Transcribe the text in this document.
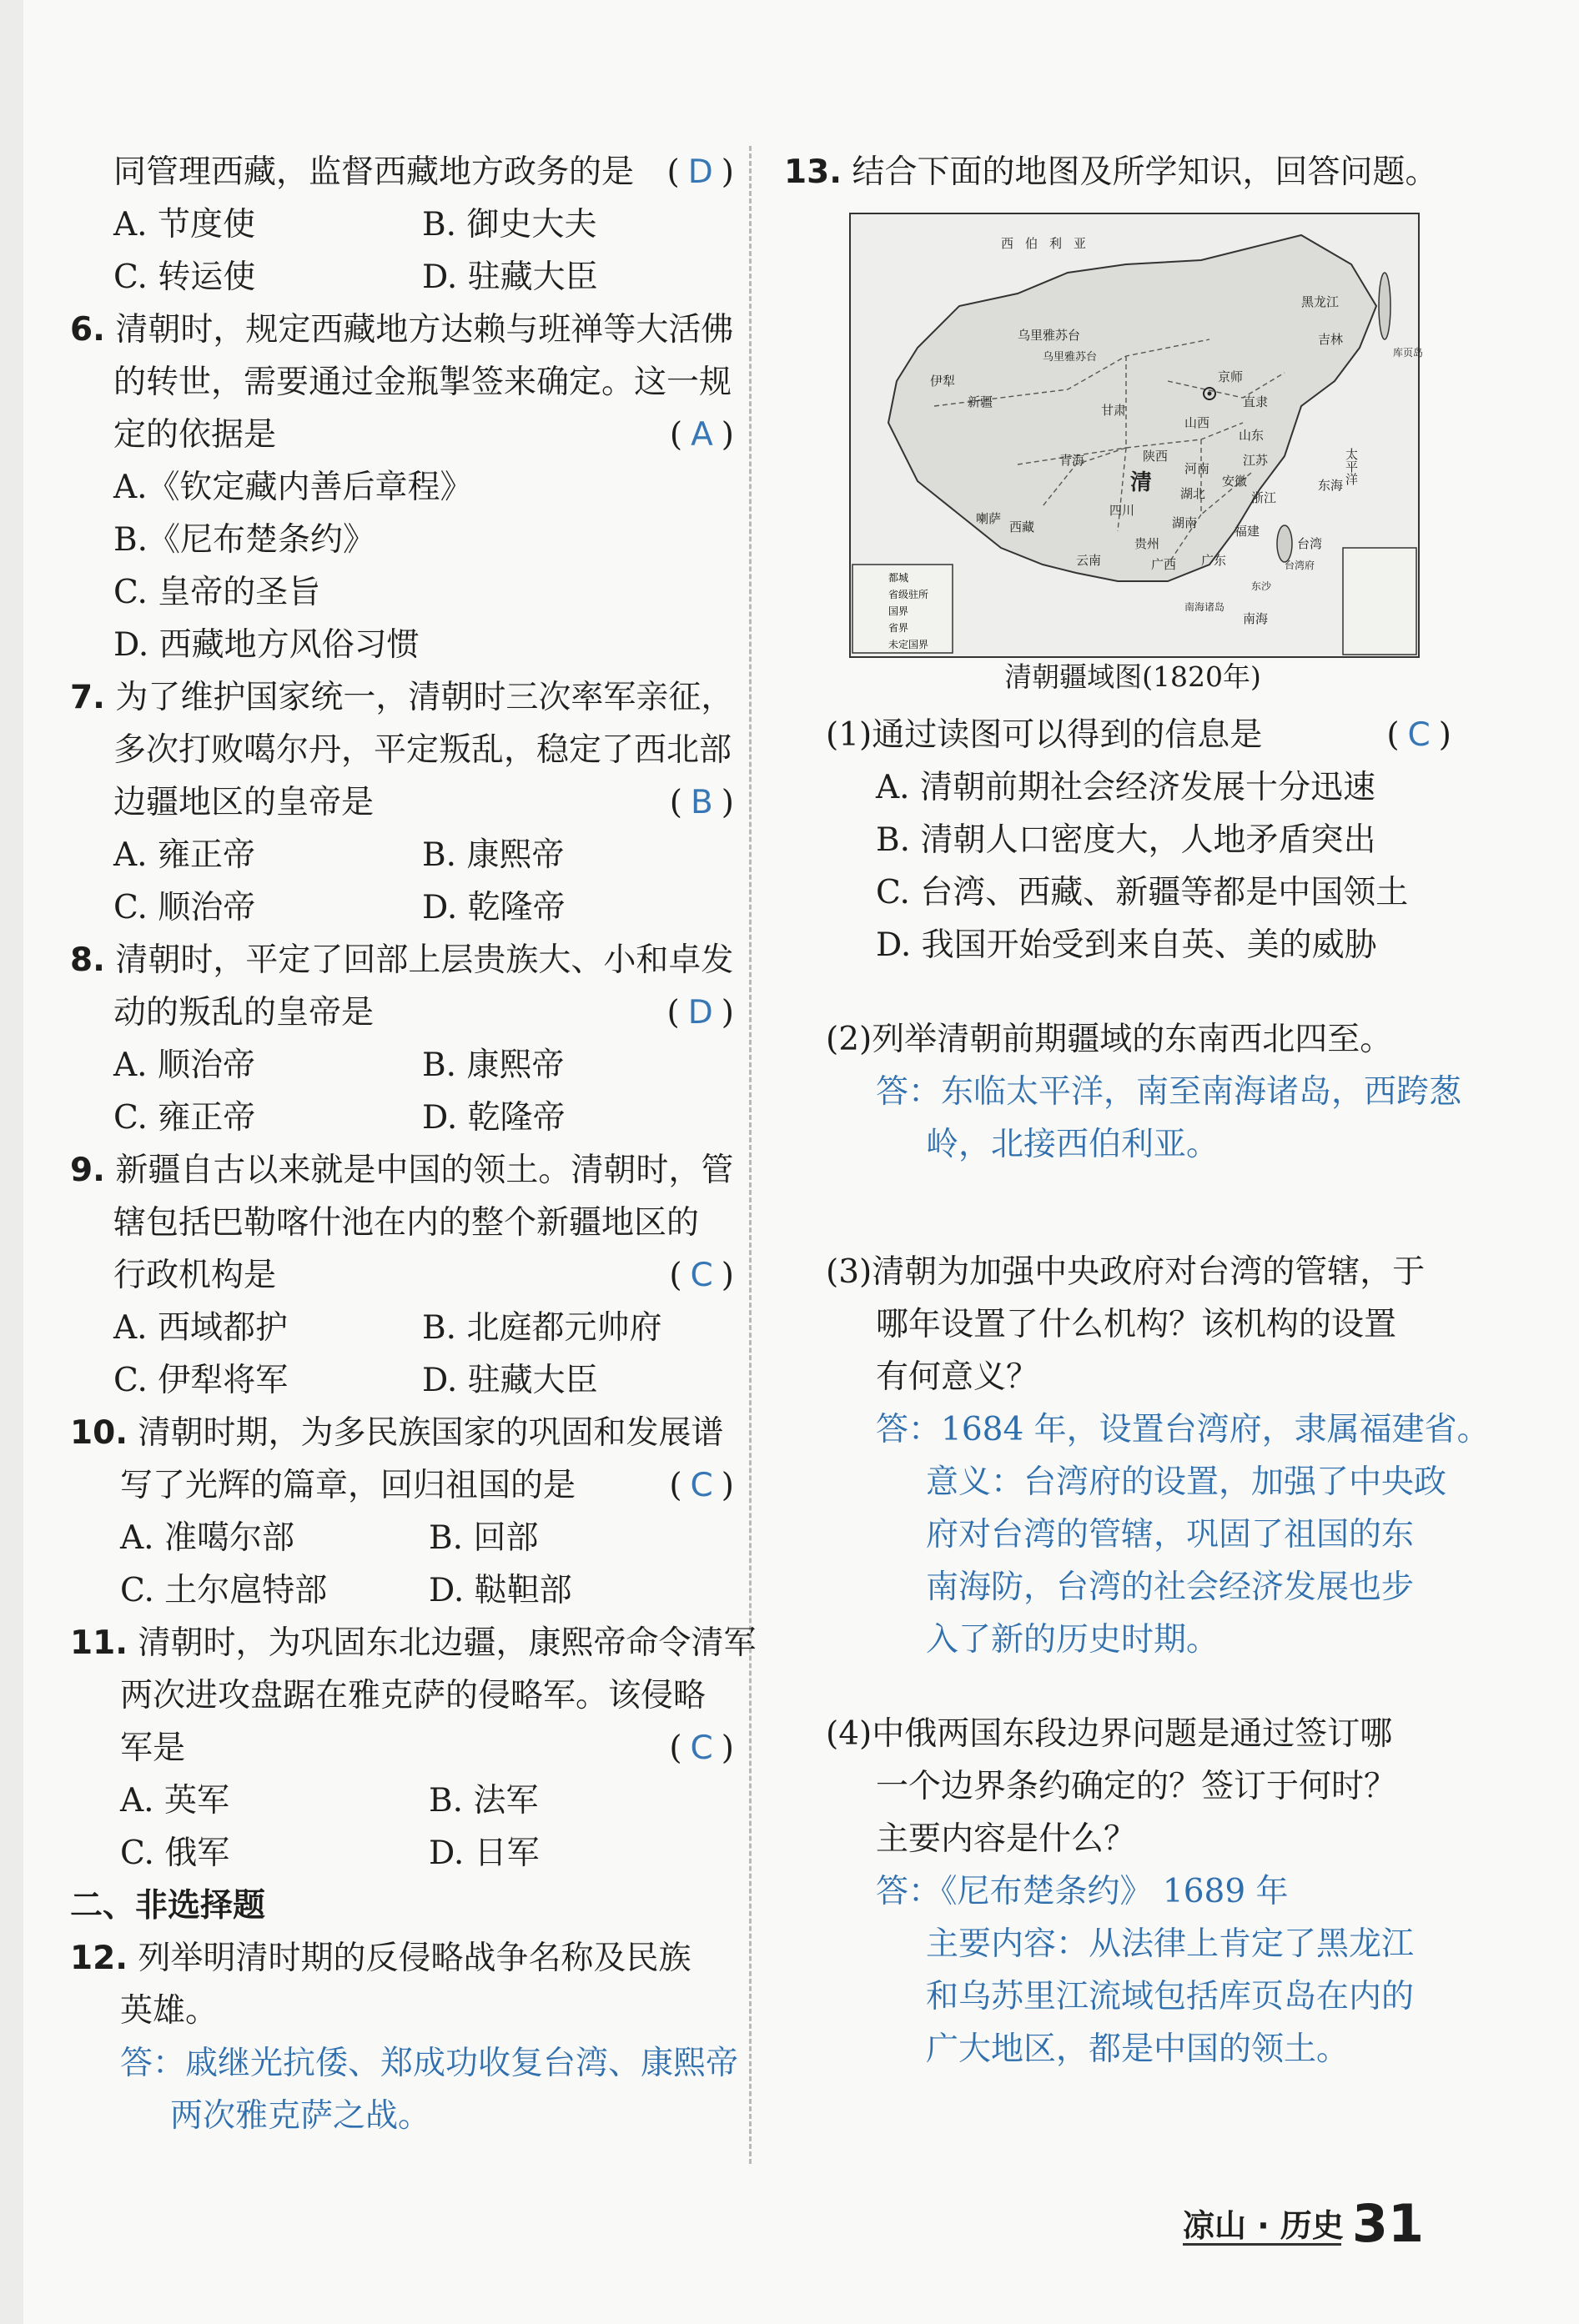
同管理西藏，监督西藏地方政务的是 ( D )
A. 节度使	B. 御史大夫
C. 转运使	D. 驻藏大臣
6. 清朝时，规定西藏地方达赖与班禅等大活佛
的转世，需要通过金瓶掣签来确定。这一规
定的依据是	( A )
A.《钦定藏内善后章程》
B.《尼布楚条约》
C. 皇帝的圣旨
D. 西藏地方风俗习惯
7. 为了维护国家统一，清朝时三次率军亲征，
多次打败噶尔丹，平定叛乱，稳定了西北部
边疆地区的皇帝是	( B )
A. 雍正帝	B. 康熙帝
C. 顺治帝	D. 乾隆帝
8. 清朝时，平定了回部上层贵族大、小和卓发
动的叛乱的皇帝是	( D )
A. 顺治帝	B. 康熙帝
C. 雍正帝	D. 乾隆帝
9. 新疆自古以来就是中国的领土。清朝时，管
辖包括巴勒喀什池在内的整个新疆地区的
行政机构是	( C )
A. 西域都护	B. 北庭都元帅府
C. 伊犁将军	D. 驻藏大臣
10. 清朝时期，为多民族国家的巩固和发展谱
写了光辉的篇章，回归祖国的是	( C )
A. 准噶尔部	B. 回部
C. 土尔扈特部	D. 鞑靼部
11. 清朝时，为巩固东北边疆，康熙帝命令清军
两次进攻盘踞在雅克萨的侵略军。该侵略
军是	( C )
A. 英军	B. 法军
C. 俄军	D. 日军
二、非选择题
12. 列举明清时期的反侵略战争名称及民族
英雄。
答：戚继光抗倭、郑成功收复台湾、康熙帝
两次雅克萨之战。
13. 结合下面的地图及所学知识，回答问题。
都城
省级驻所
国界
省界
未定国界
西伯利亚
乌里雅苏台
乌里雅苏台
伊犁
新疆
京师
甘肃
青海	陕西
山西
山东
河南
清
江苏
安徽
浙江
福建
湖北
湖南
四川
贵州
云南	广东
广西
喇萨
西藏
吉林
黑龙江
直隶
库页岛
台湾
台湾府
南海诸岛
东沙
太平洋
南海
东海
清朝疆域图(1820年)
(1)通过读图可以得到的信息是	( C )
A. 清朝前期社会经济发展十分迅速
B. 清朝人口密度大，人地矛盾突出
C. 台湾、西藏、新疆等都是中国领土
D. 我国开始受到来自英、美的威胁
(2)列举清朝前期疆域的东南西北四至。
答：东临太平洋，南至南海诸岛，西跨葱
岭，北接西伯利亚。
(3)清朝为加强中央政府对台湾的管辖，于
哪年设置了什么机构？该机构的设置
有何意义？
答：1684 年，设置台湾府，隶属福建省。
意义：台湾府的设置，加强了中央政
府对台湾的管辖，巩固了祖国的东
南海防，台湾的社会经济发展也步
入了新的历史时期。
(4)中俄两国东段边界问题是通过签订哪
一个边界条约确定的？签订于何时？
主要内容是什么？
答：《尼布楚条约》 1689 年
主要内容：从法律上肯定了黑龙江
和乌苏里江流域包括库页岛在内的
广大地区，都是中国的领土。
凉山 · 历史 31
